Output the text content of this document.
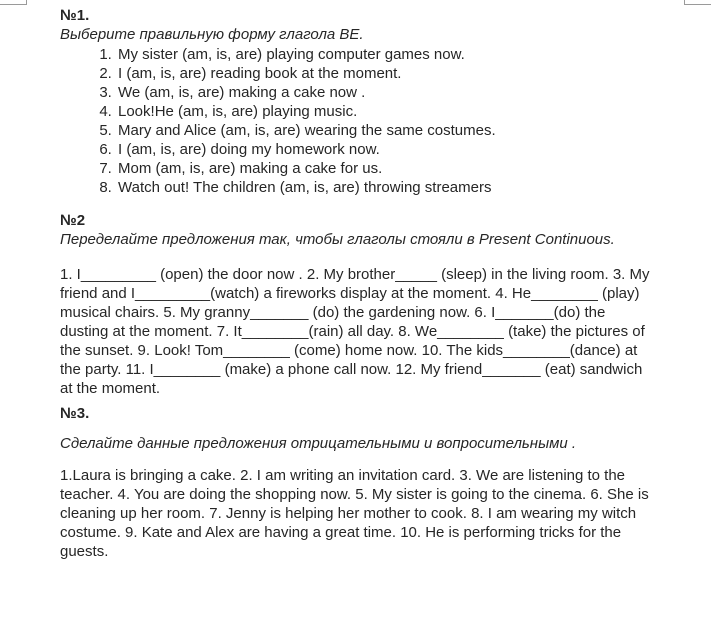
№1.
Выберите правильную форму глагола BE.
1. My sister (am, is, are) playing computer games now.
2. I (am, is, are) reading book at the moment.
3. We (am, is, are) making a cake now .
4. Look!He (am, is, are) playing music.
5. Mary and Alice (am, is, are) wearing the same costumes.
6. I (am, is, are) doing my homework now.
7. Mom (am, is, are) making a cake for us.
8. Watch out! The children (am, is, are) throwing streamers
№2
Переделайте предложения так, чтобы глаголы стояли в Present Continuous.
1. I_________ (open) the door now . 2. My brother_____ (sleep) in the living room. 3. My
friend and I_________(watch) a fireworks display at the moment. 4. He________ (play)
musical chairs. 5. My granny_______ (do) the gardening now. 6. I_______(do) the
dusting at the moment. 7. It________(rain) all day. 8. We________ (take) the pictures of
the sunset. 9. Look! Tom________ (come) home now. 10. The kids________(dance) at
the party. 11. I________ (make) a phone call now. 12. My friend_______ (eat) sandwich
at the moment.
№3.
Сделайте данные предложения отрицательными и вопросительными .
1.Laura is bringing a cake. 2. I am writing an invitation card. 3. We are listening to the
teacher. 4. You are doing the shopping now. 5. My sister is going to the cinema. 6. She is
cleaning up her room. 7. Jenny is helping her mother to cook. 8. I am wearing my witch
costume. 9. Kate and Alex are having a great time. 10. He is performing tricks for the
guests.
